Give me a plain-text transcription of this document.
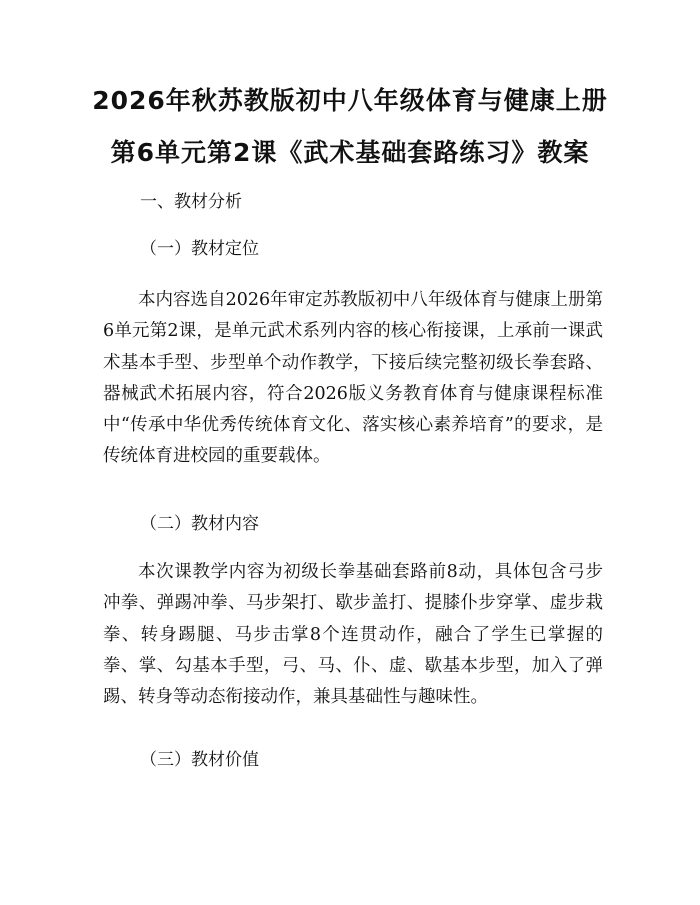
2026年秋苏教版初中八年级体育与健康上册
第6单元第2课《武术基础套路练习》教案
一、教材分析
（一）教材定位
本内容选自2026年审定苏教版初中八年级体育与健康上册第6单元第2课，是单元武术系列内容的核心衔接课，上承前一课武术基本手型、步型单个动作教学，下接后续完整初级长拳套路、器械武术拓展内容，符合2026版义务教育体育与健康课程标准中“传承中华优秀传统体育文化、落实核心素养培育”的要求，是传统体育进校园的重要载体。
（二）教材内容
本次课教学内容为初级长拳基础套路前8动，具体包含弓步冲拳、弹踢冲拳、马步架打、歇步盖打、提膝仆步穿掌、虚步栽拳、转身踢腿、马步击掌8个连贯动作，融合了学生已掌握的拳、掌、勾基本手型，弓、马、仆、虚、歇基本步型，加入了弹踢、转身等动态衔接动作，兼具基础性与趣味性。
（三）教材价值
